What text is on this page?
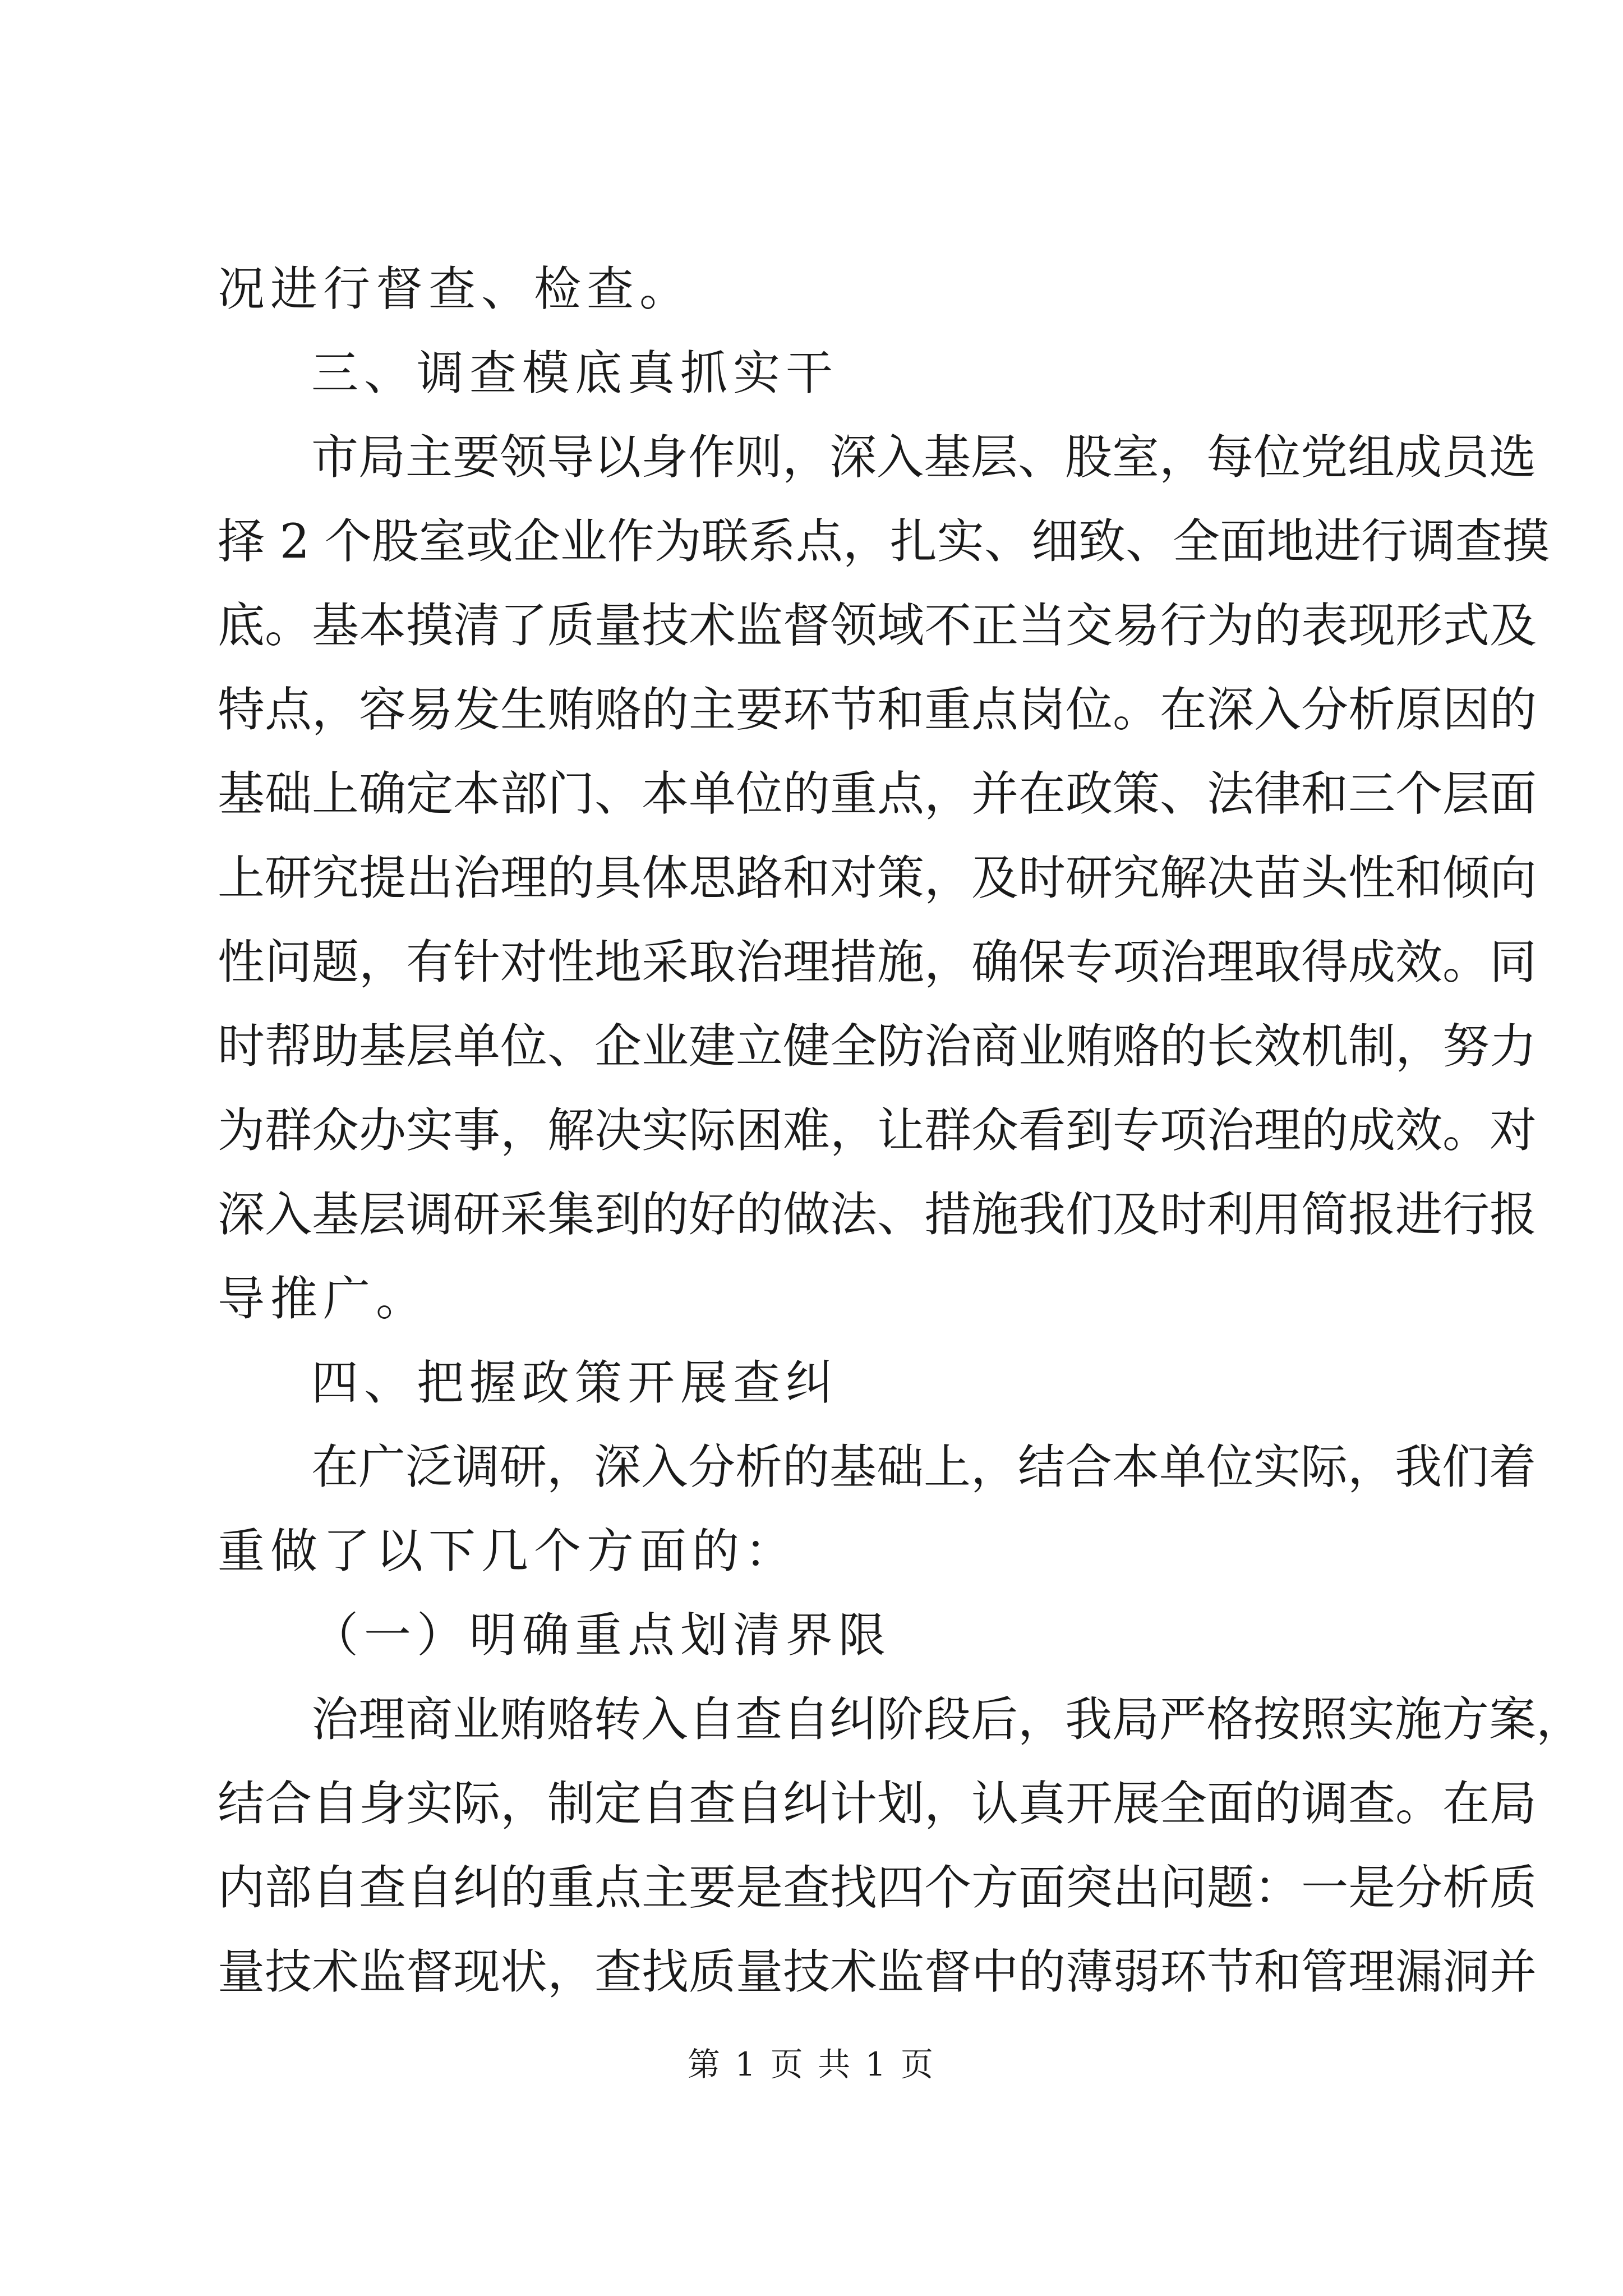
况进行督查、检查。
三、调查模底真抓实干
市局主要领导以身作则，深入基层、股室，每位党组成员选
择 2 个股室或企业作为联系点，扎实、细致、全面地进行调查摸
底。基本摸清了质量技术监督领域不正当交易行为的表现形式及
特点，容易发生贿赂的主要环节和重点岗位。在深入分析原因的
基础上确定本部门、本单位的重点，并在政策、法律和三个层面
上研究提出治理的具体思路和对策，及时研究解决苗头性和倾向
性问题，有针对性地采取治理措施，确保专项治理取得成效。同
时帮助基层单位、企业建立健全防治商业贿赂的长效机制，努力
为群众办实事，解决实际困难，让群众看到专项治理的成效。对
深入基层调研采集到的好的做法、措施我们及时利用简报进行报
导推广。
四、把握政策开展查纠
在广泛调研，深入分析的基础上，结合本单位实际，我们着
重做了以下几个方面的：
（一）明确重点划清界限
治理商业贿赂转入自查自纠阶段后，我局严格按照实施方案，
结合自身实际，制定自查自纠计划，认真开展全面的调查。在局
内部自查自纠的重点主要是查找四个方面突出问题：一是分析质
量技术监督现状，查找质量技术监督中的薄弱环节和管理漏洞并
第 1 页 共 1 页
